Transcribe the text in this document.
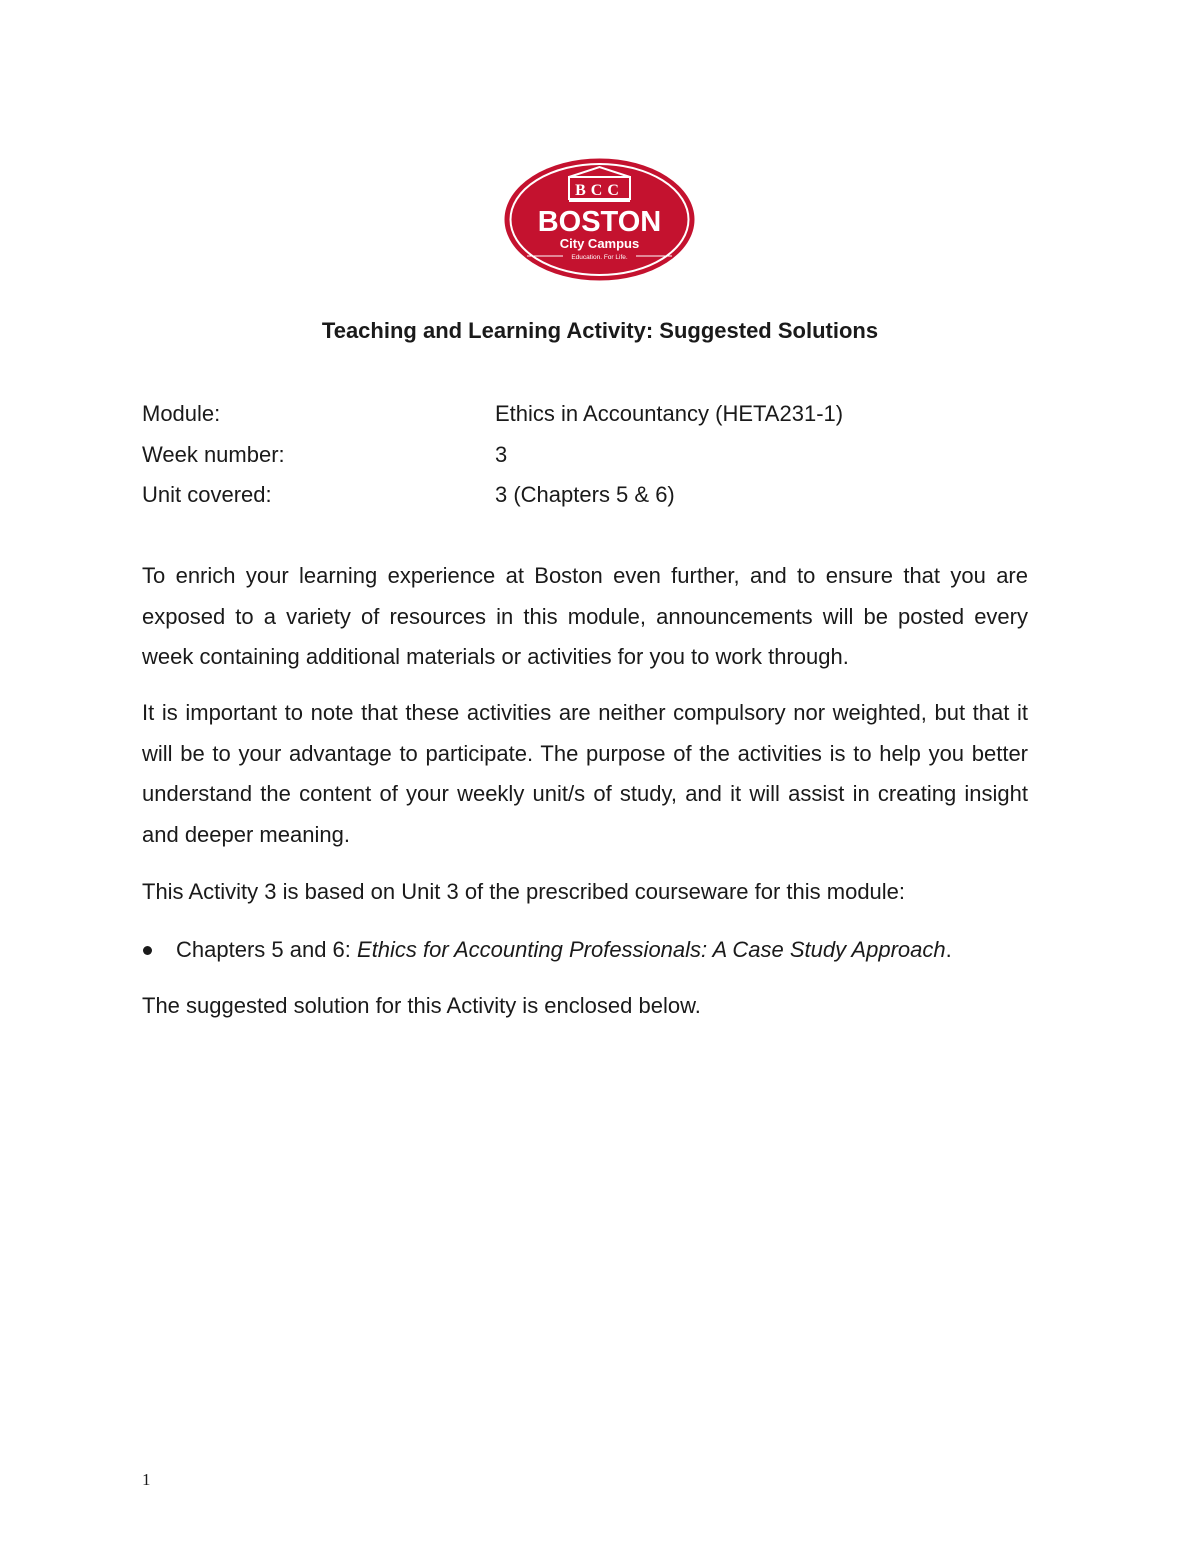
BCC
BOSTON
City Campus
Education. For Life.
Teaching and Learning Activity: Suggested Solutions
Module:	Ethics in Accountancy (HETA231-1)
Week number:	3
Unit covered:	3 (Chapters 5 & 6)
To enrich your learning experience at Boston even further, and to ensure that you are exposed to a variety of resources in this module, announcements will be posted every week containing additional materials or activities for you to work through.
It is important to note that these activities are neither compulsory nor weighted, but that it will be to your advantage to participate. The purpose of the activities is to help you better understand the content of your weekly unit/s of study, and it will assist in creating insight and deeper meaning.
This Activity 3 is based on Unit 3 of the prescribed courseware for this module:
Chapters 5 and 6: Ethics for Accounting Professionals: A Case Study Approach.
The suggested solution for this Activity is enclosed below.
1
